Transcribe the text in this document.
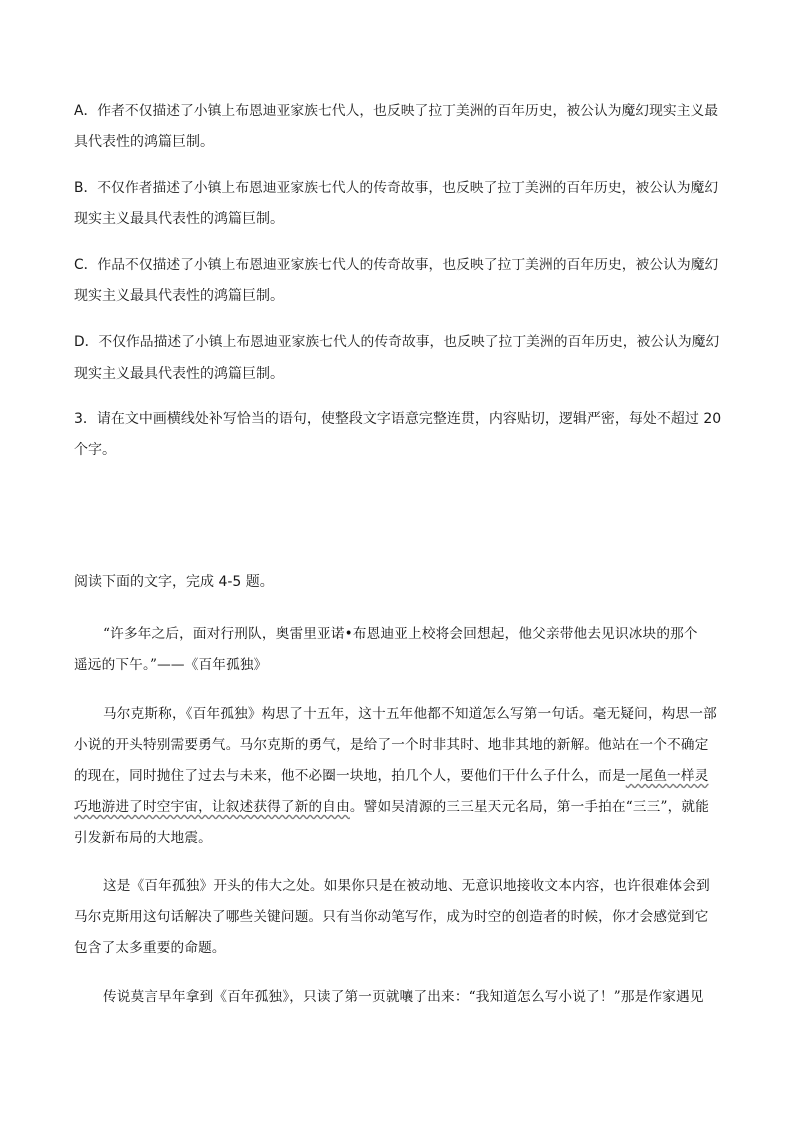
A．作者不仅描述了小镇上布恩迪亚家族七代人，也反映了拉丁美洲的百年历史，被公认为魔幻现实主义最
具代表性的鸿篇巨制。
B．不仅作者描述了小镇上布恩迪亚家族七代人的传奇故事，也反映了拉丁美洲的百年历史，被公认为魔幻
现实主义最具代表性的鸿篇巨制。
C．作品不仅描述了小镇上布恩迪亚家族七代人的传奇故事，也反映了拉丁美洲的百年历史，被公认为魔幻
现实主义最具代表性的鸿篇巨制。
D．不仅作品描述了小镇上布恩迪亚家族七代人的传奇故事，也反映了拉丁美洲的百年历史，被公认为魔幻
现实主义最具代表性的鸿篇巨制。
3．请在文中画横线处补写恰当的语句，使整段文字语意完整连贯，内容贴切，逻辑严密，每处不超过 20
个字。
阅读下面的文字，完成 4-5 题。
“许多年之后，面对行刑队，奥雷里亚诺•布恩迪亚上校将会回想起，他父亲带他去见识冰块的那个
遥远的下午。”——《百年孤独》
马尔克斯称，《百年孤独》构思了十五年，这十五年他都不知道怎么写第一句话。毫无疑问，构思一部
小说的开头特别需要勇气。马尔克斯的勇气，是给了一个时非其时、地非其地的新解。他站在一个不确定
的现在，同时抛住了过去与未来，他不必圈一块地，拍几个人，要他们干什么子什么，而是一尾鱼一样灵
巧地游进了时空宇宙，让叙述获得了新的自由。譬如吴清源的三三星天元名局，第一手拍在“三三”，就能
引发新布局的大地震。
这是《百年孤独》开头的伟大之处。如果你只是在被动地、无意识地接收文本内容，也许很难体会到
马尔克斯用这句话解决了哪些关键问题。只有当你动笔写作，成为时空的创造者的时候，你才会感觉到它
包含了太多重要的命题。
传说莫言早年拿到《百年孤独》，只读了第一页就嚷了出来：“我知道怎么写小说了！”那是作家遇见
